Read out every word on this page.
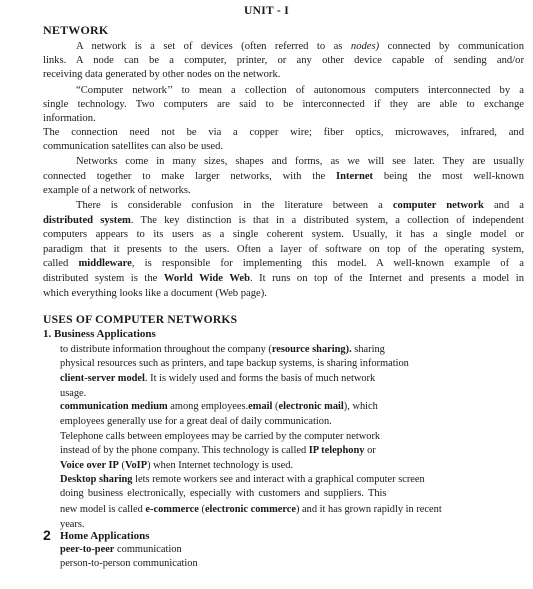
UNIT - I
NETWORK
A network is a set of devices (often referred to as nodes) connected by communication
links. A node can be a computer, printer, or any other device capable of sending and/or
receiving data generated by other nodes on the network.
“Computer network’’ to mean a collection of autonomous computers interconnected by a
single technology. Two computers are said to be interconnected if they are able to exchange
information.
The connection need not be via a copper wire; fiber optics, microwaves, infrared, and
communication satellites can also be used.
Networks come in many sizes, shapes and forms, as we will see later. They are usually
connected together to make larger networks, with the Internet being the most well-known
example of a network of networks.
There is considerable confusion in the literature between a computer network and a
distributed system. The key distinction is that in a distributed system, a collection of independent
computers appears to its users as a single coherent system. Usually, it has a single model or
paradigm that it presents to the users. Often a layer of software on top of the operating system,
called middleware, is responsible for implementing this model. A well-known example of a
distributed system is the World Wide Web. It runs on top of the Internet and presents a model in
which everything looks like a document (Web page).
USES OF COMPUTER NETWORKS
1. Business Applications
to distribute information throughout the company (resource sharing). sharing
physical resources such as printers, and tape backup systems, is sharing information
client-server model. It is widely used and forms the basis of much network
usage.
communication medium among employees.email (electronic mail), which
employees generally use for a great deal of daily communication.
Telephone calls between employees may be carried by the computer network
instead of by the phone company. This technology is called IP telephony or
Voice over IP (VoIP) when Internet technology is used.
Desktop sharing lets remote workers see and interact with a graphical computer screen
doing business electronically, especially with customers and suppliers. This
new model is called e-commerce (electronic commerce) and it has grown rapidly in recent
years.
2 Home Applications
peer-to-peer communication
person-to-person communication
